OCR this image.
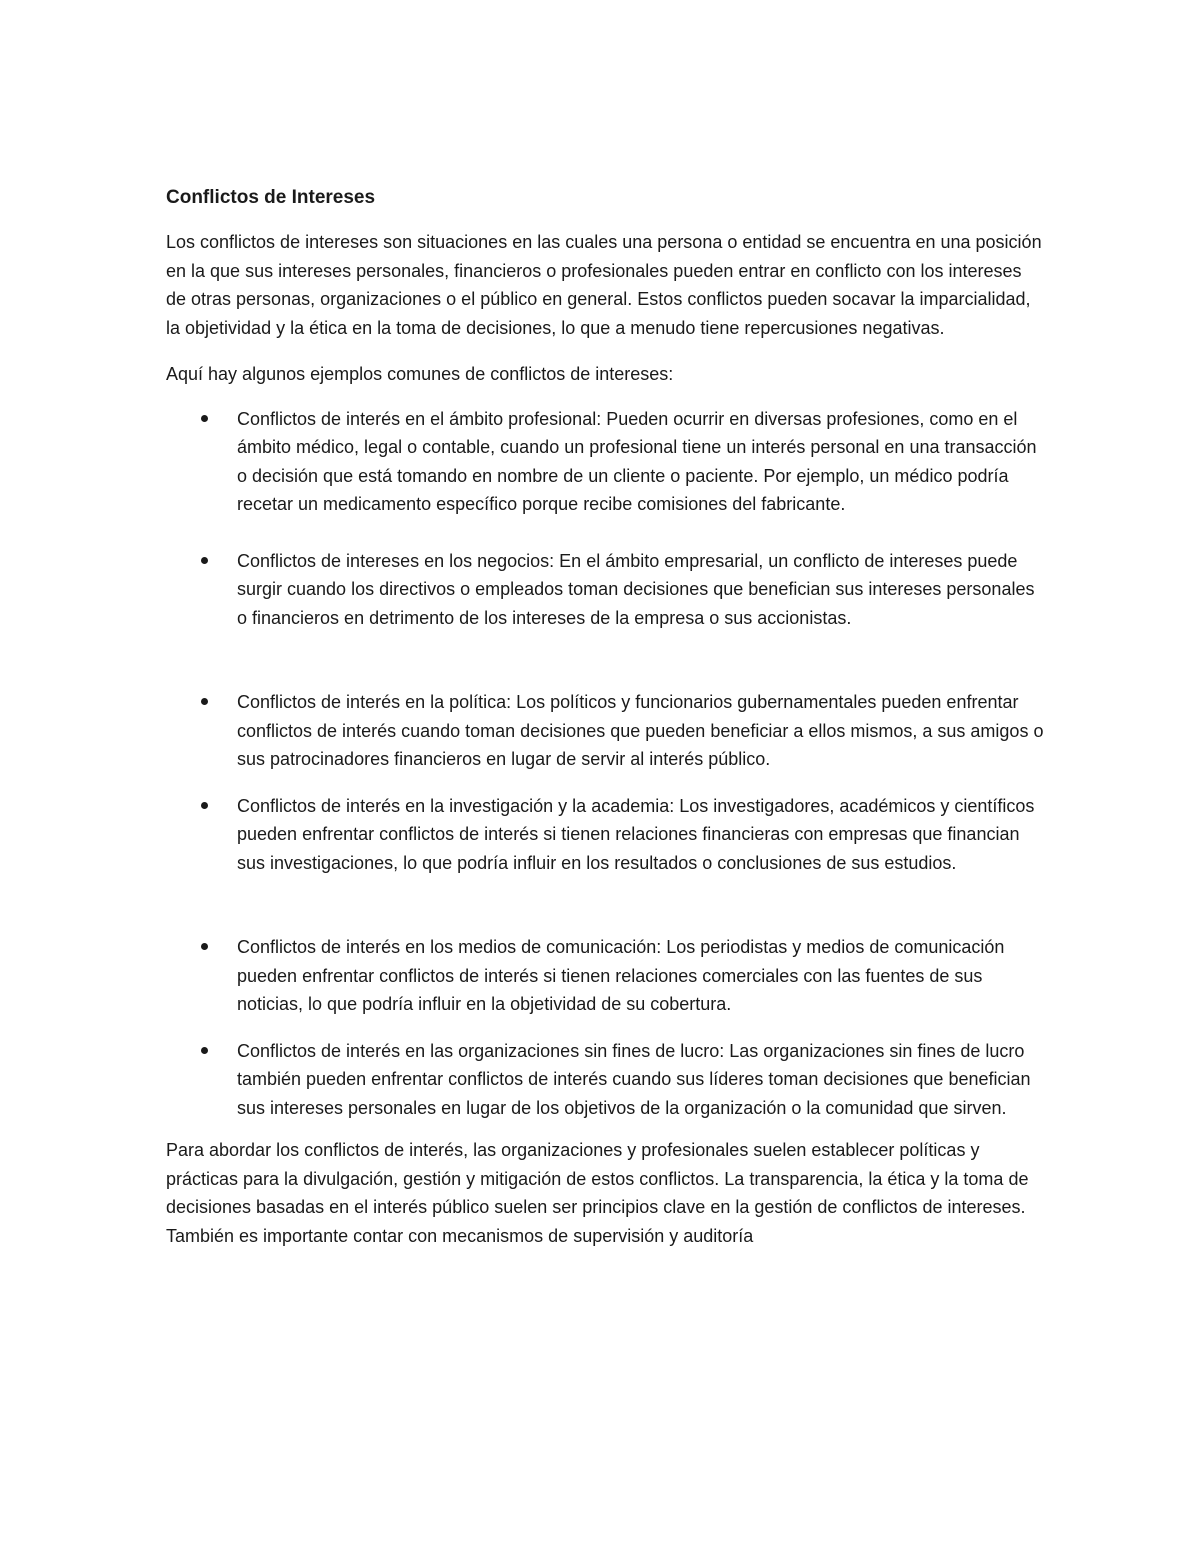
Conflictos de Intereses

Los conflictos de intereses son situaciones en las cuales una persona o entidad se encuentra en una posición en la que sus intereses personales, financieros o profesionales pueden entrar en conflicto con los intereses de otras personas, organizaciones o el público en general. Estos conflictos pueden socavar la imparcialidad, la objetividad y la ética en la toma de decisiones, lo que a menudo tiene repercusiones negativas.

Aquí hay algunos ejemplos comunes de conflictos de intereses:

Conflictos de interés en el ámbito profesional: Pueden ocurrir en diversas profesiones, como en el ámbito médico, legal o contable, cuando un profesional tiene un interés personal en una transacción o decisión que está tomando en nombre de un cliente o paciente. Por ejemplo, un médico podría recetar un medicamento específico porque recibe comisiones del fabricante.
Conflictos de intereses en los negocios: En el ámbito empresarial, un conflicto de intereses puede surgir cuando los directivos o empleados toman decisiones que benefician sus intereses personales o financieros en detrimento de los intereses de la empresa o sus accionistas.
Conflictos de interés en la política: Los políticos y funcionarios gubernamentales pueden enfrentar conflictos de interés cuando toman decisiones que pueden beneficiar a ellos mismos, a sus amigos o sus patrocinadores financieros en lugar de servir al interés público.
Conflictos de interés en la investigación y la academia: Los investigadores, académicos y científicos pueden enfrentar conflictos de interés si tienen relaciones financieras con empresas que financian sus investigaciones, lo que podría influir en los resultados o conclusiones de sus estudios.
Conflictos de interés en los medios de comunicación: Los periodistas y medios de comunicación pueden enfrentar conflictos de interés si tienen relaciones comerciales con las fuentes de sus noticias, lo que podría influir en la objetividad de su cobertura.
Conflictos de interés en las organizaciones sin fines de lucro: Las organizaciones sin fines de lucro también pueden enfrentar conflictos de interés cuando sus líderes toman decisiones que benefician sus intereses personales en lugar de los objetivos de la organización o la comunidad que sirven.

Para abordar los conflictos de interés, las organizaciones y profesionales suelen establecer políticas y prácticas para la divulgación, gestión y mitigación de estos conflictos. La transparencia, la ética y la toma de decisiones basadas en el interés público suelen ser principios clave en la gestión de conflictos de intereses. También es importante contar con mecanismos de supervisión y auditoría
